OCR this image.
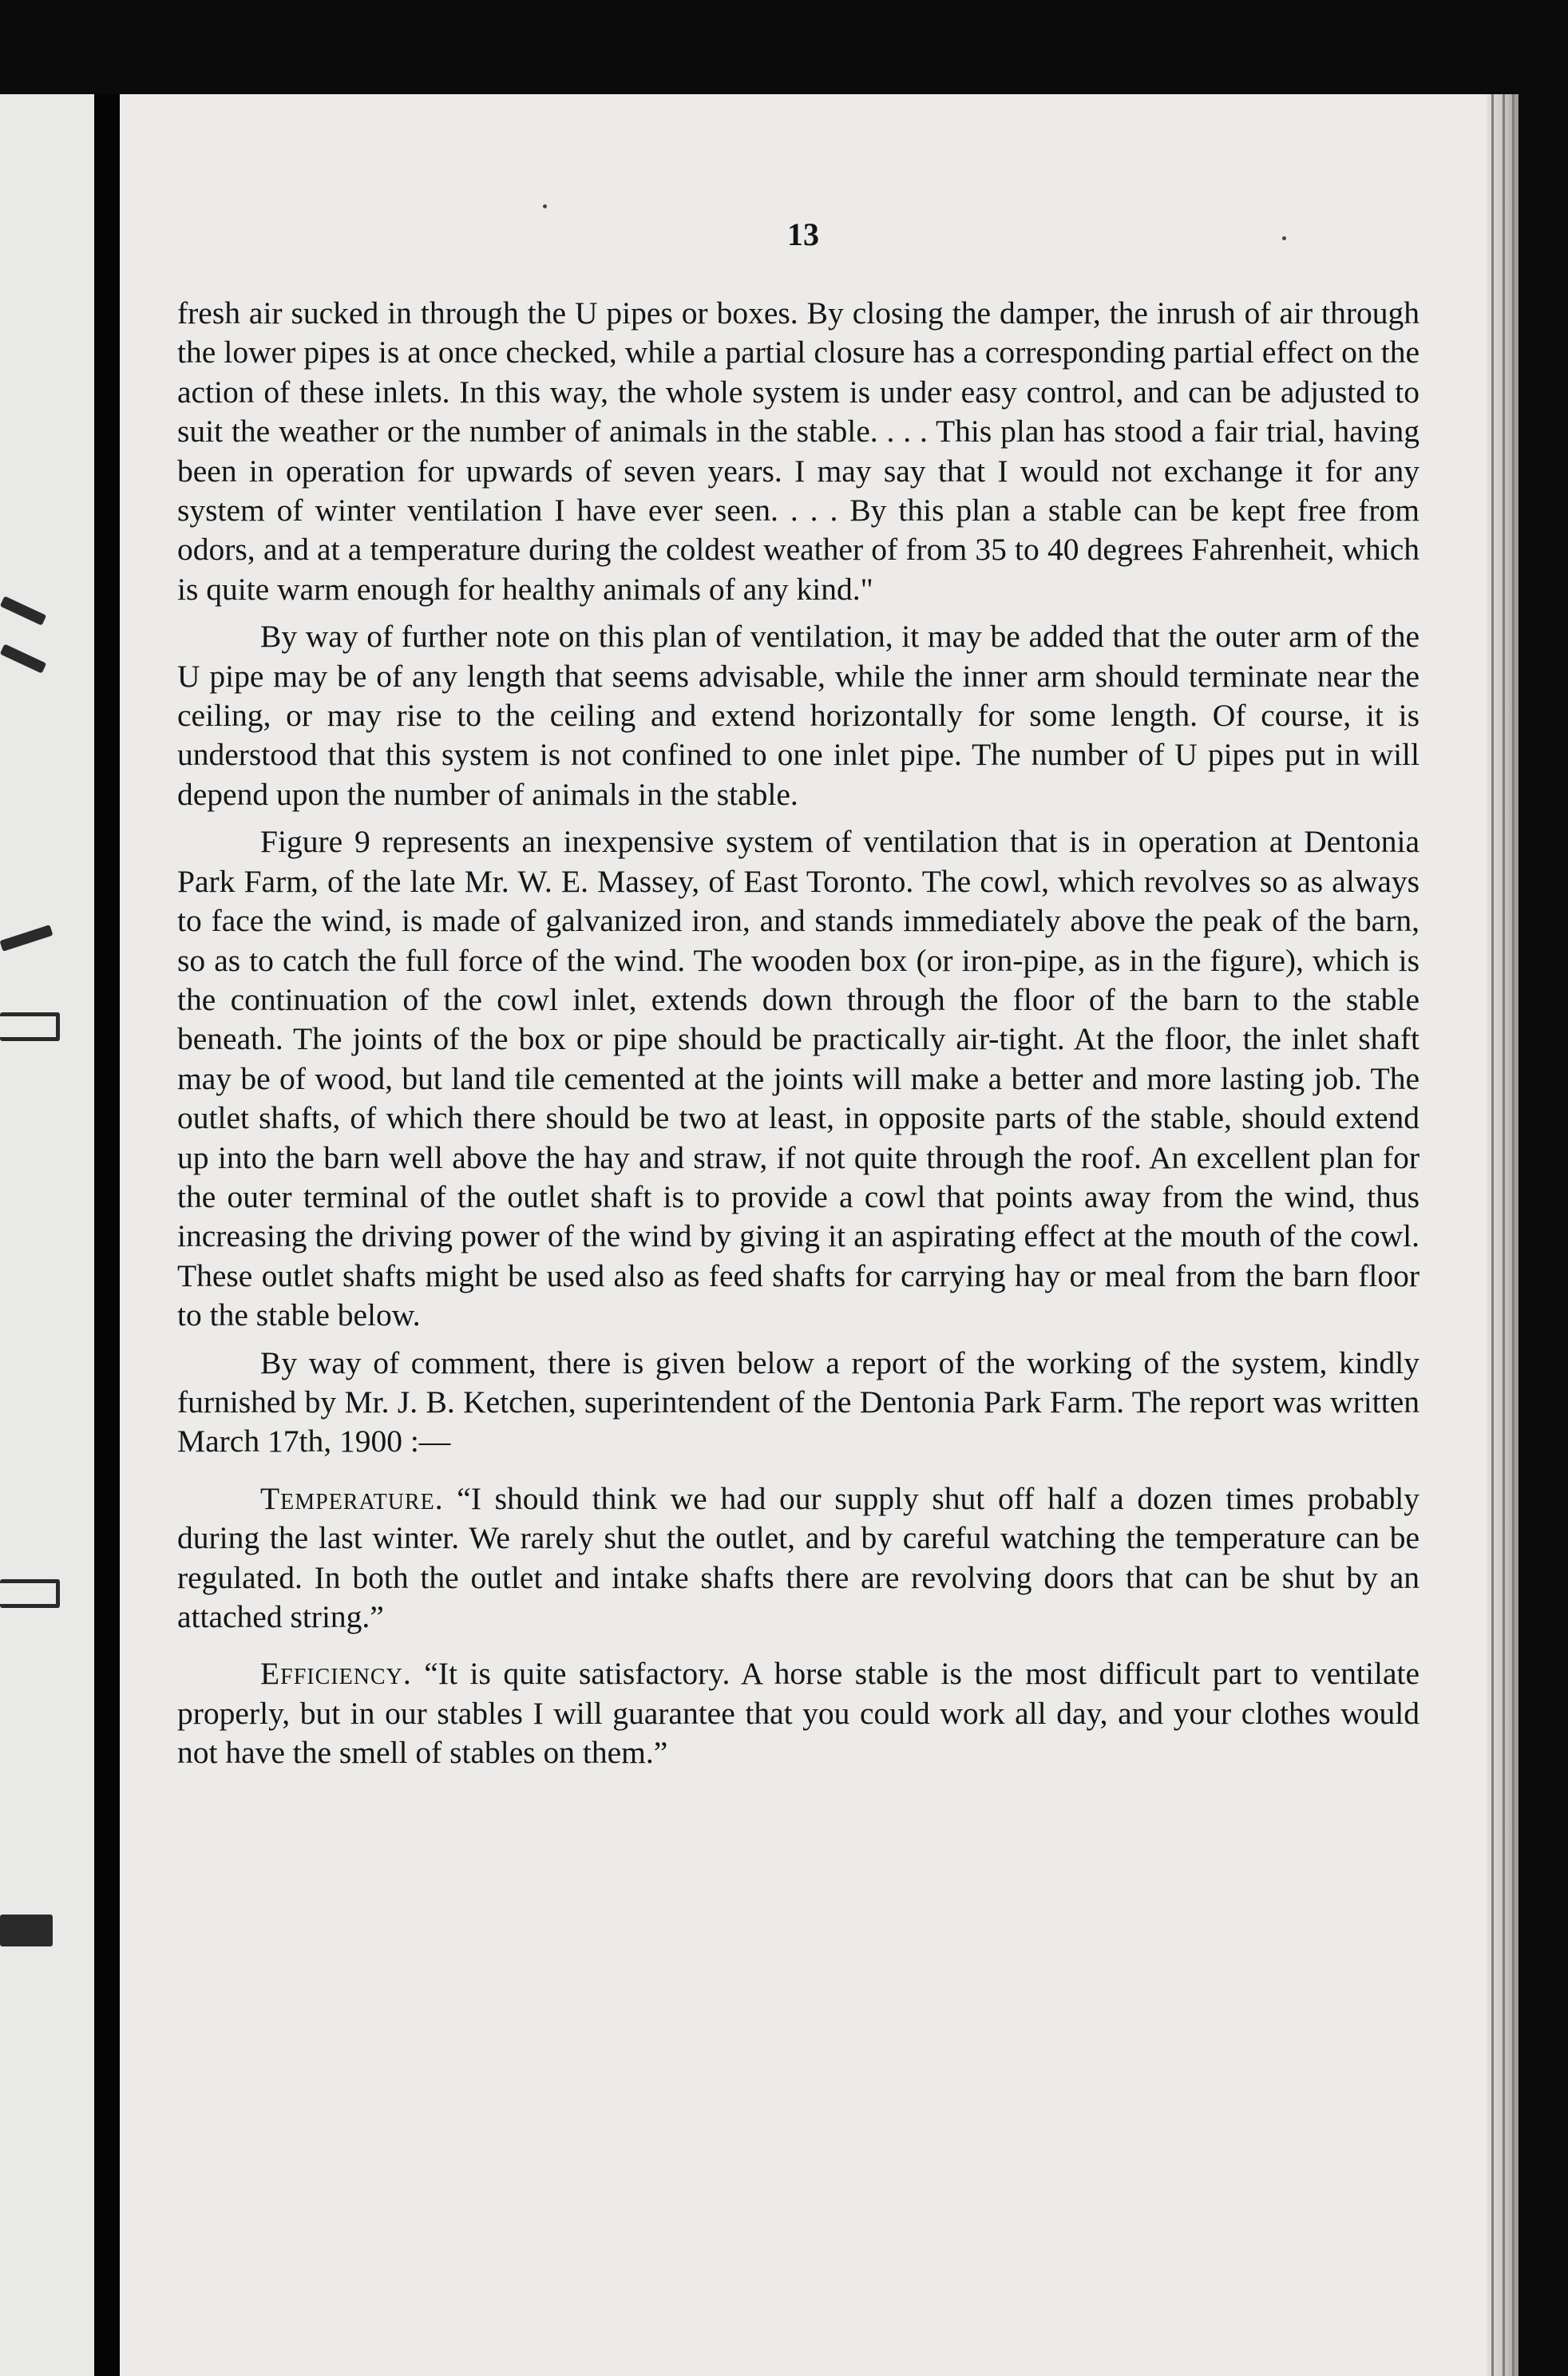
13

fresh air sucked in through the U pipes or boxes. By closing the damper, the inrush of air through the lower pipes is at once checked, while a partial closure has a corresponding partial effect on the action of these inlets. In this way, the whole system is under easy control, and can be adjusted to suit the weather or the number of animals in the stable. . . . This plan has stood a fair trial, having been in operation for upwards of seven years. I may say that I would not exchange it for any system of winter ventilation I have ever seen. . . . By this plan a stable can be kept free from odors, and at a temperature during the coldest weather of from 35 to 40 degrees Fahrenheit, which is quite warm enough for healthy animals of any kind."

By way of further note on this plan of ventilation, it may be added that the outer arm of the U pipe may be of any length that seems advisable, while the inner arm should terminate near the ceiling, or may rise to the ceiling and extend horizontally for some length. Of course, it is understood that this system is not confined to one inlet pipe. The number of U pipes put in will depend upon the number of animals in the stable.

Figure 9 represents an inexpensive system of ventilation that is in operation at Dentonia Park Farm, of the late Mr. W. E. Massey, of East Toronto. The cowl, which revolves so as always to face the wind, is made of galvanized iron, and stands immediately above the peak of the barn, so as to catch the full force of the wind. The wooden box (or iron-pipe, as in the figure), which is the continuation of the cowl inlet, extends down through the floor of the barn to the stable beneath. The joints of the box or pipe should be practically air-tight. At the floor, the inlet shaft may be of wood, but land tile cemented at the joints will make a better and more lasting job. The outlet shafts, of which there should be two at least, in opposite parts of the stable, should extend up into the barn well above the hay and straw, if not quite through the roof. An excellent plan for the outer terminal of the outlet shaft is to provide a cowl that points away from the wind, thus increasing the driving power of the wind by giving it an aspirating effect at the mouth of the cowl. These outlet shafts might be used also as feed shafts for carrying hay or meal from the barn floor to the stable below.

By way of comment, there is given below a report of the working of the system, kindly furnished by Mr. J. B. Ketchen, superintendent of the Dentonia Park Farm. The report was written March 17th, 1900 :—

Temperature. “I should think we had our supply shut off half a dozen times probably during the last winter. We rarely shut the outlet, and by careful watching the temperature can be regulated. In both the outlet and intake shafts there are revolving doors that can be shut by an attached string.”

Efficiency. “It is quite satisfactory. A horse stable is the most difficult part to ventilate properly, but in our stables I will guarantee that you could work all day, and your clothes would not have the smell of stables on them.”
